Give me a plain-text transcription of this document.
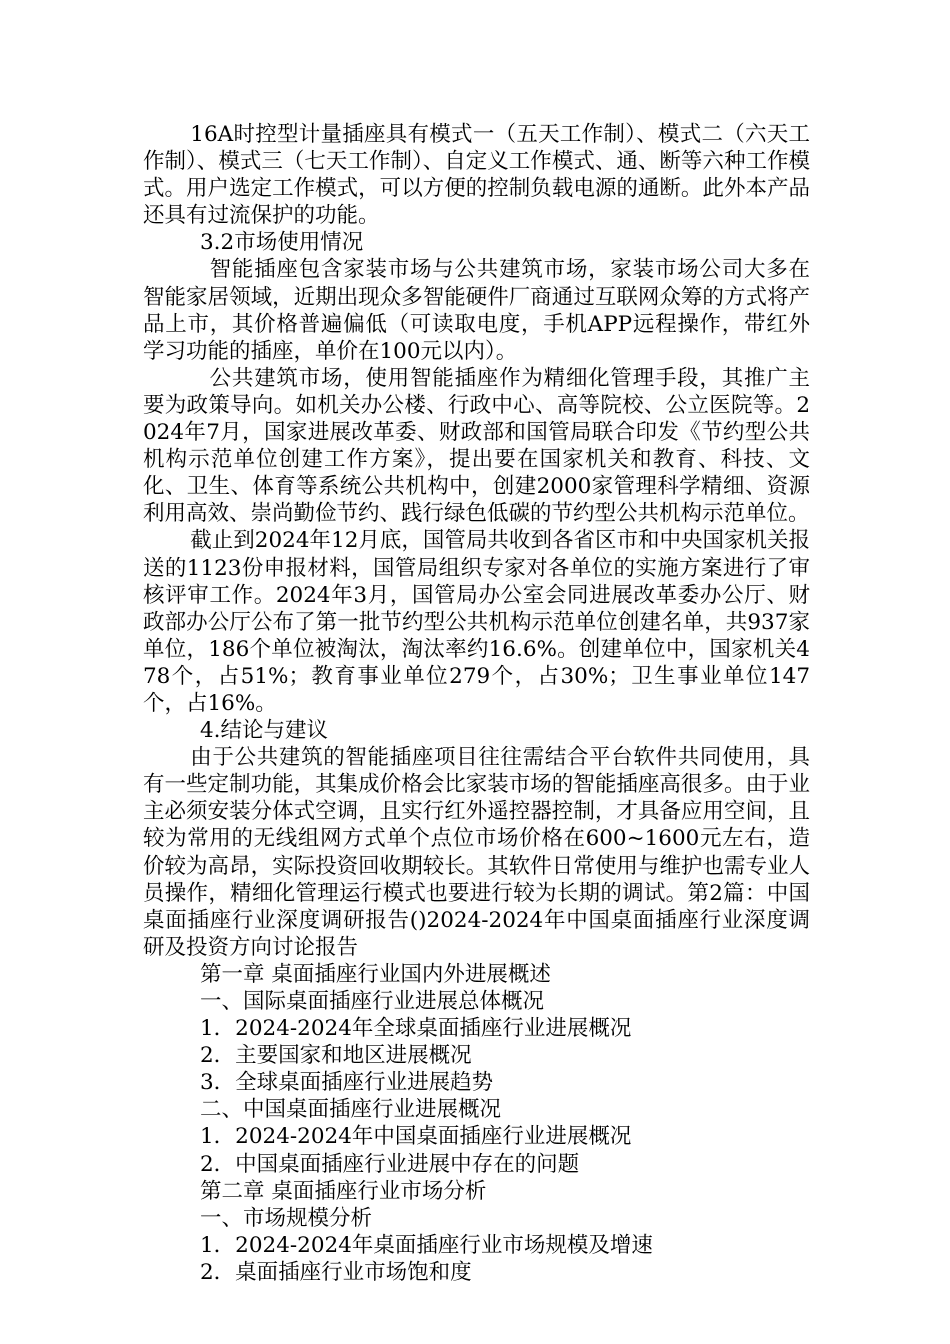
16A时控型计量插座具有模式一（五天工作制）、模式二（六天工作制）、模式三（七天工作制）、自定义工作模式、通、断等六种工作模式。用户选定工作模式，可以方便的控制负载电源的通断。此外本产品还具有过流保护的功能。

3.2市场使用情况

智能插座包含家装市场与公共建筑市场，家装市场公司大多在智能家居领域，近期出现众多智能硬件厂商通过互联网众筹的方式将产品上市，其价格普遍偏低（可读取电度，手机APP远程操作，带红外学习功能的插座，单价在100元以内）。

公共建筑市场，使用智能插座作为精细化管理手段，其推广主要为政策导向。如机关办公楼、行政中心、高等院校、公立医院等。2024年7月，国家进展改革委、财政部和国管局联合印发《节约型公共机构示范单位创建工作方案》，提出要在国家机关和教育、科技、文化、卫生、体育等系统公共机构中，创建2000家管理科学精细、资源利用高效、崇尚勤俭节约、践行绿色低碳的节约型公共机构示范单位。

截止到2024年12月底，国管局共收到各省区市和中央国家机关报送的1123份申报材料，国管局组织专家对各单位的实施方案进行了审核评审工作。2024年3月，国管局办公室会同进展改革委办公厅、财政部办公厅公布了第一批节约型公共机构示范单位创建名单，共937家单位，186个单位被淘汰，淘汰率约16.6%。创建单位中，国家机关478个，占51%；教育事业单位279个，占30%；卫生事业单位147个，占16%。

4.结论与建议

由于公共建筑的智能插座项目往往需结合平台软件共同使用，具有一些定制功能，其集成价格会比家装市场的智能插座高很多。由于业主必须安装分体式空调，且实行红外遥控器控制，才具备应用空间，且较为常用的无线组网方式单个点位市场价格在600~1600元左右，造价较为高昂，实际投资回收期较长。其软件日常使用与维护也需专业人员操作，精细化管理运行模式也要进行较为长期的调试。第2篇：中国桌面插座行业深度调研报告()2024-2024年中国桌面插座行业深度调研及投资方向讨论报告

第一章 桌面插座行业国内外进展概述

一、国际桌面插座行业进展总体概况

1．2024-2024年全球桌面插座行业进展概况

2．主要国家和地区进展概况

3．全球桌面插座行业进展趋势

二、中国桌面插座行业进展概况

1．2024-2024年中国桌面插座行业进展概况

2．中国桌面插座行业进展中存在的问题

第二章 桌面插座行业市场分析

一、市场规模分析

1．2024-2024年桌面插座行业市场规模及增速

2．桌面插座行业市场饱和度
